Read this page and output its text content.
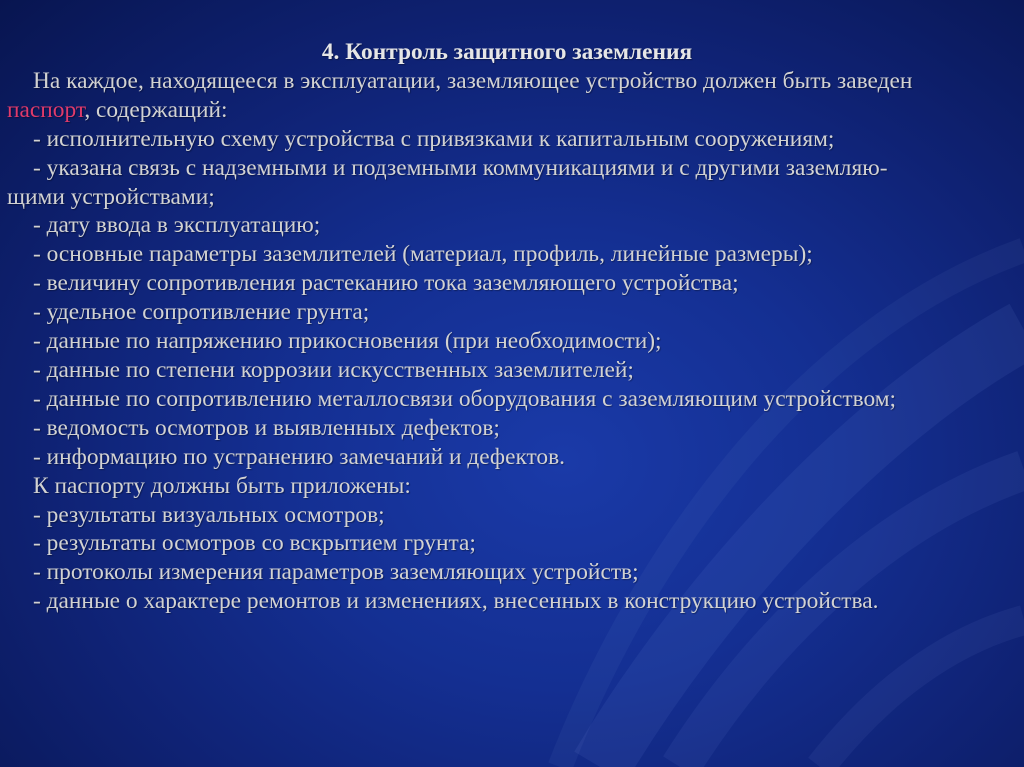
4. Контроль защитного заземления

На каждое, находящееся в эксплуатации, заземляющее устройство должен быть заведен

паспорт, содержащий:

- исполнительную схему устройства с привязками к капитальным сооружениям;

- указана связь с надземными и подземными коммуникациями и с другими заземляю-

щими устройствами;

- дату ввода в эксплуатацию;

- основные параметры заземлителей (материал, профиль, линейные размеры);

- величину сопротивления растеканию тока заземляющего устройства;

- удельное сопротивление грунта;

- данные по напряжению прикосновения (при необходимости);

- данные по степени коррозии искусственных заземлителей;

- данные по сопротивлению металлосвязи оборудования с заземляющим устройством;

- ведомость осмотров и выявленных дефектов;

- информацию по устранению замечаний и дефектов.

К паспорту должны быть приложены:

- результаты визуальных осмотров;

- результаты осмотров со вскрытием грунта;

- протоколы измерения параметров заземляющих устройств;

- данные о характере ремонтов и изменениях, внесенных в конструкцию устройства.
